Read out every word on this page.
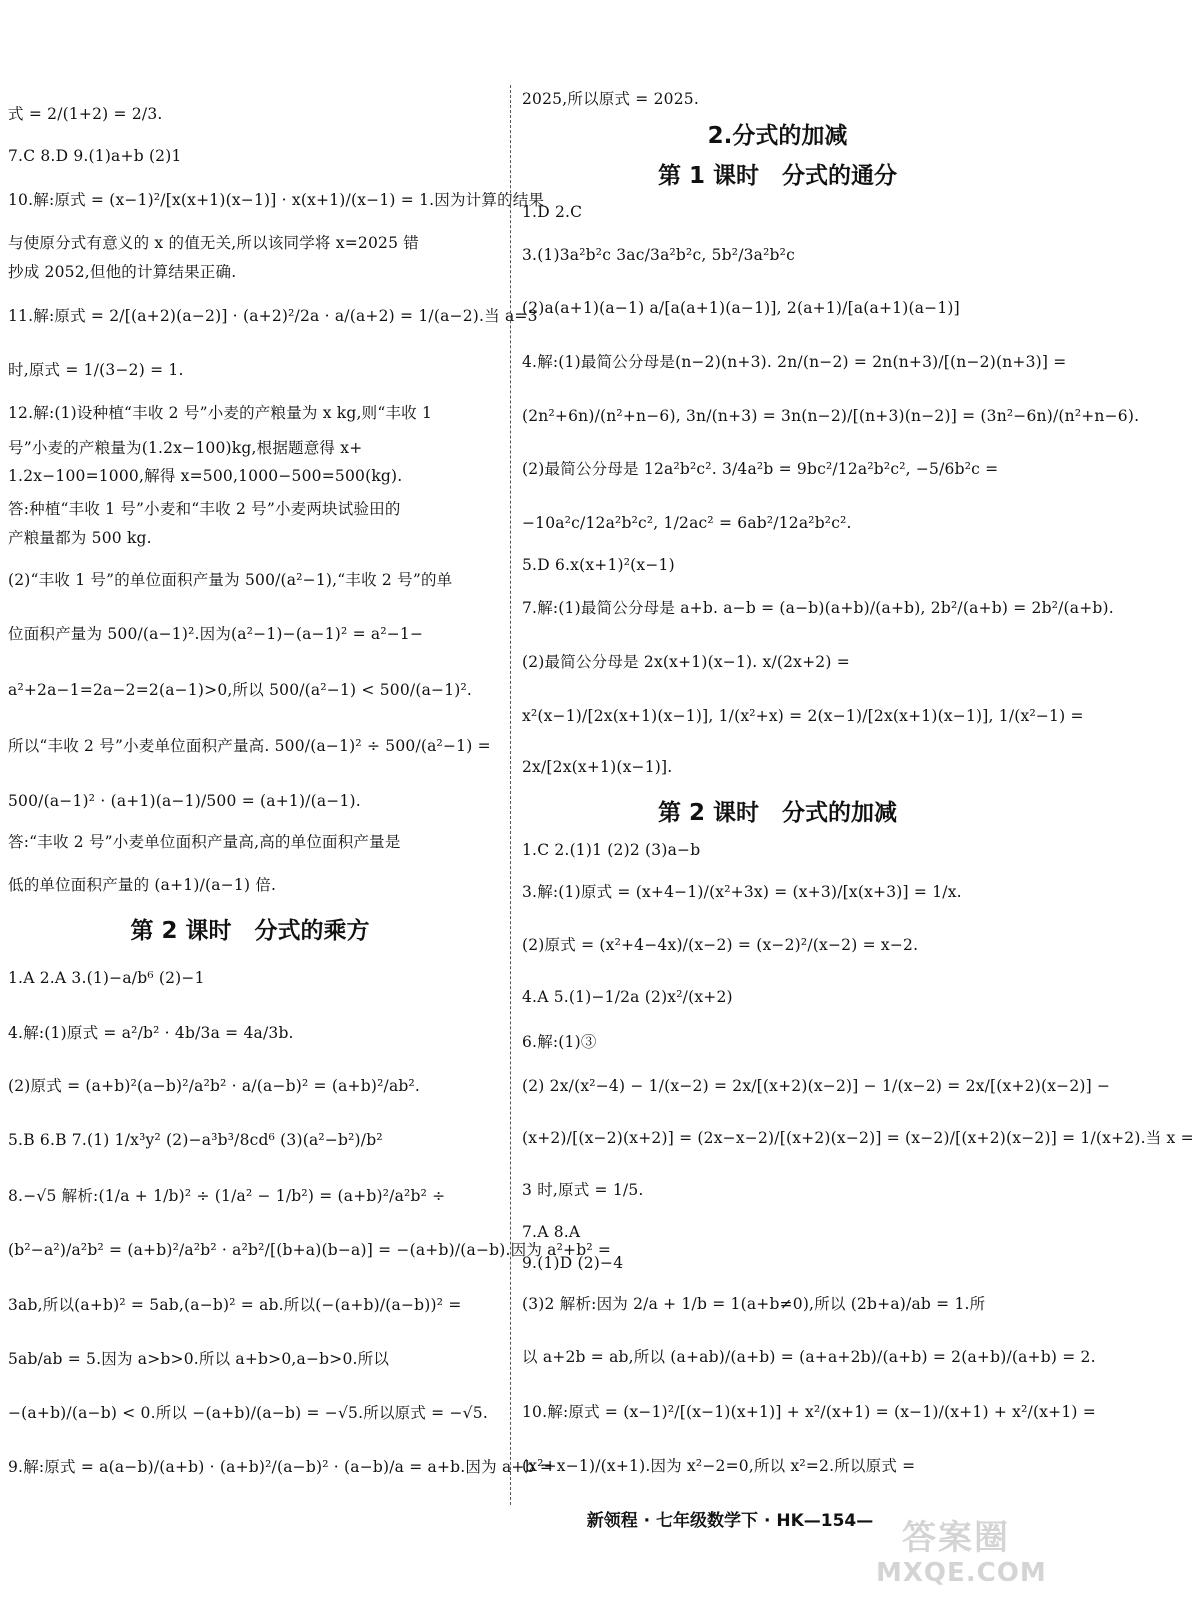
式 = 2/(1+2) = 2/3.
7.C 8.D 9.(1)a+b (2)1
10.解:原式 = (x−1)²/[x(x+1)(x−1)] · x(x+1)/(x−1) = 1.因为计算的结果
与使原分式有意义的 x 的值无关,所以该同学将 x=2025 错
抄成 2052,但他的计算结果正确.
11.解:原式 = 2/[(a+2)(a−2)] · (a+2)²/2a · a/(a+2) = 1/(a−2).当 a=3
时,原式 = 1/(3−2) = 1.
12.解:(1)设种植“丰收 2 号”小麦的产粮量为 x kg,则“丰收 1
号”小麦的产粮量为(1.2x−100)kg,根据题意得 x+
1.2x−100=1000,解得 x=500,1000−500=500(kg).
答:种植“丰收 1 号”小麦和“丰收 2 号”小麦两块试验田的
产粮量都为 500 kg.
(2)“丰收 1 号”的单位面积产量为 500/(a²−1),“丰收 2 号”的单
位面积产量为 500/(a−1)².因为(a²−1)−(a−1)² = a²−1−
a²+2a−1=2a−2=2(a−1)>0,所以 500/(a²−1) < 500/(a−1)².
所以“丰收 2 号”小麦单位面积产量高. 500/(a−1)² ÷ 500/(a²−1) =
500/(a−1)² · (a+1)(a−1)/500 = (a+1)/(a−1).
答:“丰收 2 号”小麦单位面积产量高,高的单位面积产量是
低的单位面积产量的 (a+1)/(a−1) 倍.
第 2 课时　分式的乘方
1.A 2.A 3.(1)−a/b⁶ (2)−1
4.解:(1)原式 = a²/b² · 4b/3a = 4a/3b.
(2)原式 = (a+b)²(a−b)²/a²b² · a/(a−b)² = (a+b)²/ab².
5.B 6.B 7.(1) 1/x³y² (2)−a³b³/8cd⁶ (3)(a²−b²)/b²
8.−√5 解析:(1/a + 1/b)² ÷ (1/a² − 1/b²) = (a+b)²/a²b² ÷
(b²−a²)/a²b² = (a+b)²/a²b² · a²b²/[(b+a)(b−a)] = −(a+b)/(a−b).因为 a²+b² =
3ab,所以(a+b)² = 5ab,(a−b)² = ab.所以(−(a+b)/(a−b))² =
5ab/ab = 5.因为 a>b>0.所以 a+b>0,a−b>0.所以
−(a+b)/(a−b) < 0.所以 −(a+b)/(a−b) = −√5.所以原式 = −√5.
9.解:原式 = a(a−b)/(a+b) · (a+b)²/(a−b)² · (a−b)/a = a+b.因为 a+b =
2025,所以原式 = 2025.
2.分式的加减
第 1 课时　分式的通分
1.D 2.C
3.(1)3a²b²c 3ac/3a²b²c, 5b²/3a²b²c
(2)a(a+1)(a−1) a/[a(a+1)(a−1)], 2(a+1)/[a(a+1)(a−1)]
4.解:(1)最简公分母是(n−2)(n+3). 2n/(n−2) = 2n(n+3)/[(n−2)(n+3)] =
(2n²+6n)/(n²+n−6), 3n/(n+3) = 3n(n−2)/[(n+3)(n−2)] = (3n²−6n)/(n²+n−6).
(2)最简公分母是 12a²b²c². 3/4a²b = 9bc²/12a²b²c², −5/6b²c =
−10a²c/12a²b²c², 1/2ac² = 6ab²/12a²b²c².
5.D 6.x(x+1)²(x−1)
7.解:(1)最简公分母是 a+b. a−b = (a−b)(a+b)/(a+b), 2b²/(a+b) = 2b²/(a+b).
(2)最简公分母是 2x(x+1)(x−1). x/(2x+2) =
x²(x−1)/[2x(x+1)(x−1)], 1/(x²+x) = 2(x−1)/[2x(x+1)(x−1)], 1/(x²−1) =
2x/[2x(x+1)(x−1)].
第 2 课时　分式的加减
1.C 2.(1)1 (2)2 (3)a−b
3.解:(1)原式 = (x+4−1)/(x²+3x) = (x+3)/[x(x+3)] = 1/x.
(2)原式 = (x²+4−4x)/(x−2) = (x−2)²/(x−2) = x−2.
4.A 5.(1)−1/2a (2)x²/(x+2)
6.解:(1)③
(2) 2x/(x²−4) − 1/(x−2) = 2x/[(x+2)(x−2)] − 1/(x−2) = 2x/[(x+2)(x−2)] −
(x+2)/[(x−2)(x+2)] = (2x−x−2)/[(x+2)(x−2)] = (x−2)/[(x+2)(x−2)] = 1/(x+2).当 x =
3 时,原式 = 1/5.
7.A 8.A
9.(1)D (2)−4
(3)2 解析:因为 2/a + 1/b = 1(a+b≠0),所以 (2b+a)/ab = 1.所
以 a+2b = ab,所以 (a+ab)/(a+b) = (a+a+2b)/(a+b) = 2(a+b)/(a+b) = 2.
10.解:原式 = (x−1)²/[(x−1)(x+1)] + x²/(x+1) = (x−1)/(x+1) + x²/(x+1) =
(x²+x−1)/(x+1).因为 x²−2=0,所以 x²=2.所以原式 =
新领程 · 七年级数学下 · HK—154— 答案圈
MXQE.COM
